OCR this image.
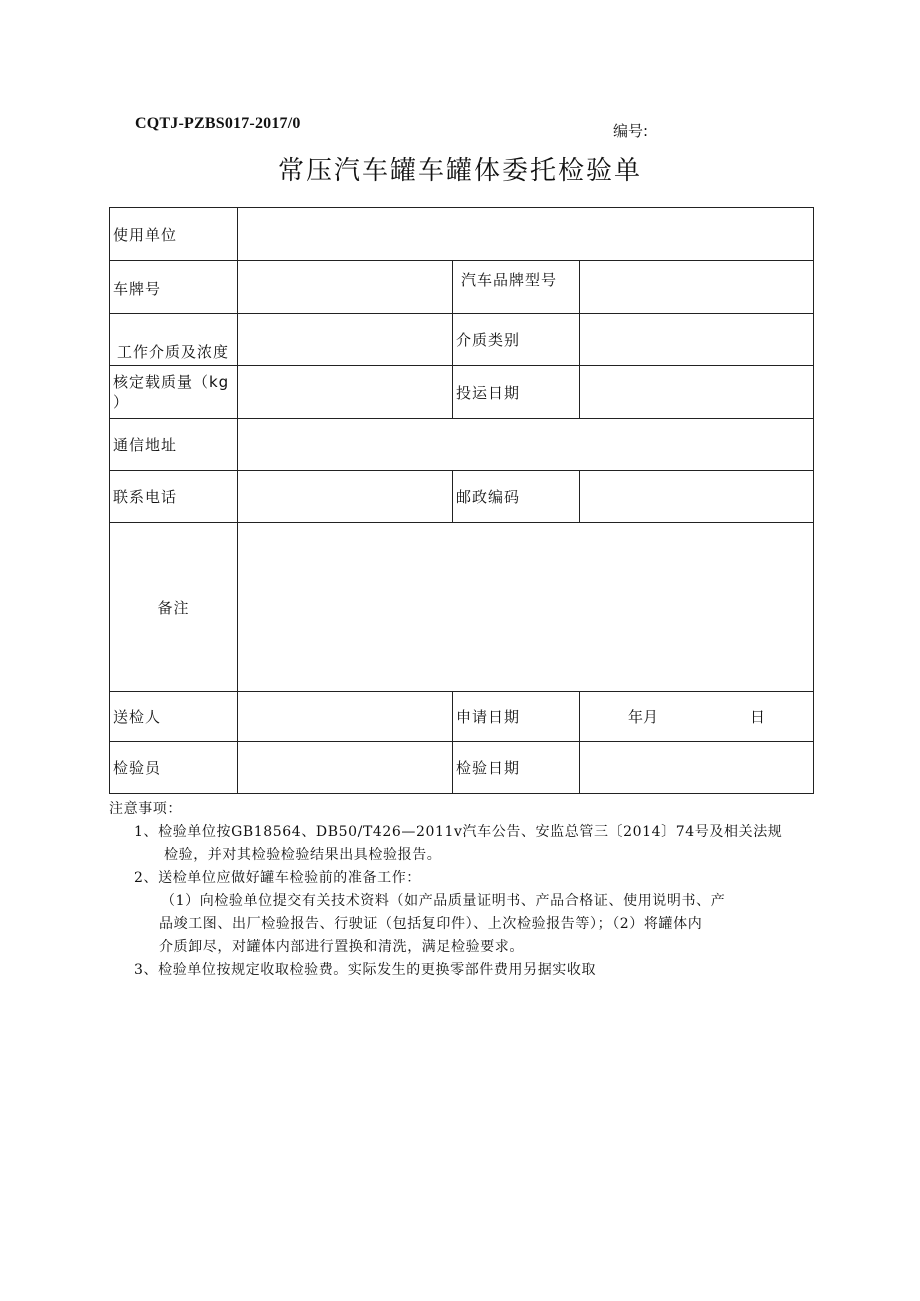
CQTJ-PZBS017-2017/0	编号:
常压汽车罐车罐体委托检验单
使用单位			
车牌号		汽车品牌型号	
工作介质及浓度		介质类别	
核定载质量（kg
）		投运日期	
通信地址			
联系电话		邮政编码	
备注			
送检人		申请日期	年月 日

检验员		检验日期	

注意事项：

1、检验单位按GB18564、DB50/T426—2011v汽车公告、安监总管三〔2014〕74号及相关法规

检验，并对其检验检验结果出具检验报告。

2、送检单位应做好罐车检验前的准备工作：

（1）向检验单位提交有关技术资料（如产品质量证明书、产品合格证、使用说明书、产

品竣工图、出厂检验报告、行驶证（包括复印件）、上次检验报告等）；（2）将罐体内

介质卸尽，对罐体内部进行置换和清洗，满足检验要求。

3、检验单位按规定收取检验费。实际发生的更换零部件费用另据实收取
